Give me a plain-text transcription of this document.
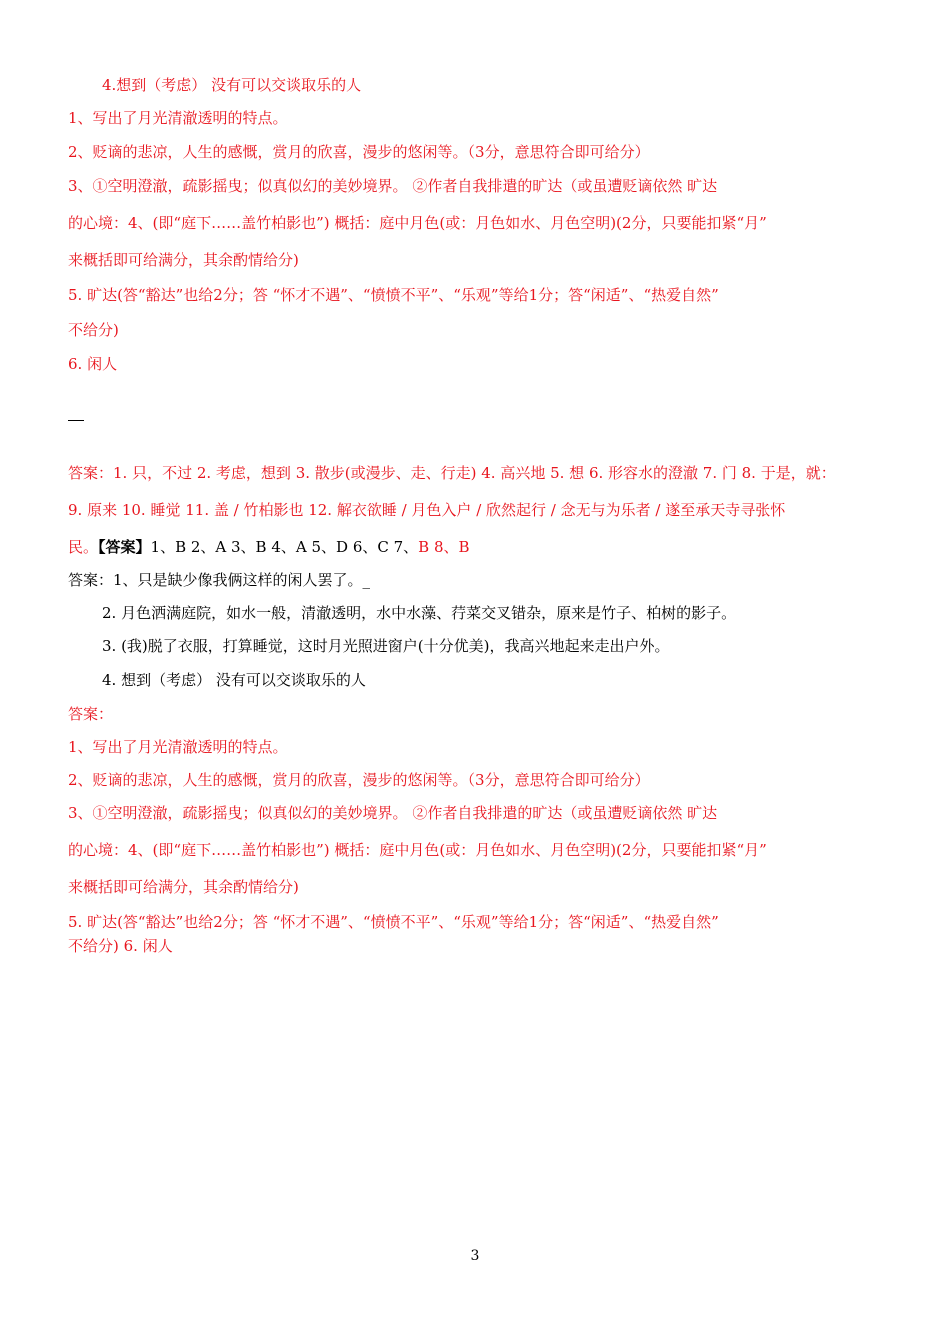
4.想到（考虑） 没有可以交谈取乐的人
1、写出了月光清澈透明的特点。
2、贬谪的悲凉，人生的感慨，赏月的欣喜，漫步的悠闲等。（3分，意思符合即可给分）
3、①空明澄澈，疏影摇曳；似真似幻的美妙境界。 ②作者自我排遣的旷达（或虽遭贬谪依然 旷达
的心境：4、(即“庭下……盖竹柏影也”) 概括：庭中月色(或：月色如水、月色空明)(2分，只要能扣紧“月”
来概括即可给满分，其余酌情给分)
5. 旷达(答“豁达”也给2分；答 “怀才不遇”、“愤愤不平”、“乐观”等给1分；答“闲适”、“热爱自然”
不给分)
6. 闲人
答案：1. 只，不过 2. 考虑，想到 3. 散步(或漫步、走、行走) 4. 高兴地 5. 想 6. 形容水的澄澈 7. 门 8. 于是，就：
9. 原来 10. 睡觉 11. 盖 / 竹柏影也 12. 解衣欲睡 / 月色入户 / 欣然起行 / 念无与为乐者 / 遂至承天寺寻张怀
民。【答案】1、B 2、A 3、B 4、A 5、D 6、C 7、B 8、B
答案：1、只是缺少像我俩这样的闲人罢了。_
2. 月色洒满庭院，如水一般，清澈透明，水中水藻、荇菜交叉错杂，原来是竹子、柏树的影子。
3. (我)脱了衣服，打算睡觉，这时月光照进窗户(十分优美)，我高兴地起来走出户外。
4. 想到（考虑） 没有可以交谈取乐的人
答案：
1、写出了月光清澈透明的特点。
2、贬谪的悲凉，人生的感慨，赏月的欣喜，漫步的悠闲等。（3分，意思符合即可给分）
3、①空明澄澈，疏影摇曳；似真似幻的美妙境界。 ②作者自我排遣的旷达（或虽遭贬谪依然 旷达
的心境：4、(即“庭下……盖竹柏影也”) 概括：庭中月色(或：月色如水、月色空明)(2分，只要能扣紧“月”
来概括即可给满分，其余酌情给分)
5. 旷达(答“豁达”也给2分；答 “怀才不遇”、“愤愤不平”、“乐观”等给1分；答“闲适”、“热爱自然”
不给分) 6. 闲人
3
